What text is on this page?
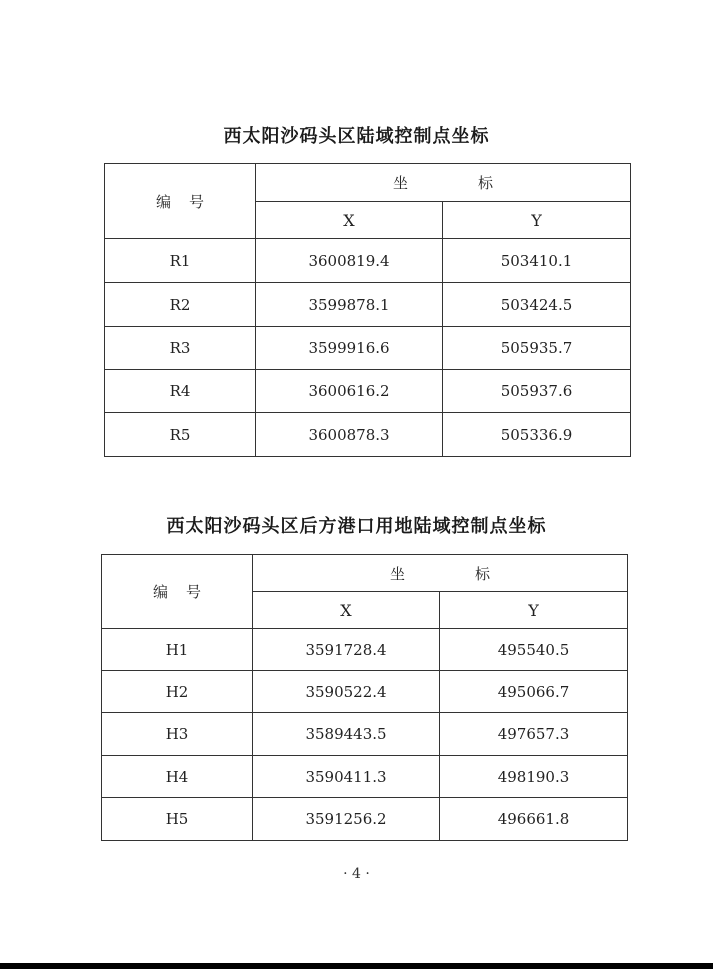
西太阳沙码头区陆域控制点坐标
编号	坐标	
	X	Y
R1	3600819.4	503410.1
R2	3599878.1	503424.5
R3	3599916.6	505935.7
R4	3600616.2	505937.6
R5	3600878.3	505336.9
西太阳沙码头区后方港口用地陆域控制点坐标
编号	坐标	
	X	Y
H1	3591728.4	495540.5
H2	3590522.4	495066.7
H3	3589443.5	497657.3
H4	3590411.3	498190.3
H5	3591256.2	496661.8
· 4 ·
